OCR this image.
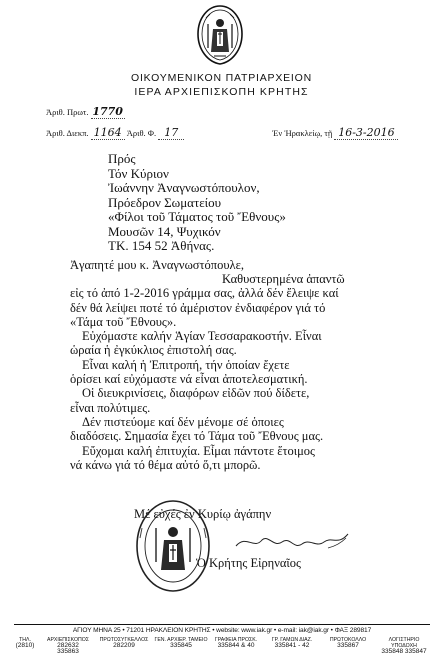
ΟΙΚΟΥΜΕΝΙΚΟΝ ΠΑΤΡΙΑΡΧΕΙΟΝ
ΙΕΡΑ ΑΡΧΙΕΠΙΣΚΟΠΗ ΚΡΗΤΗΣ
Ἀριθ. Πρωτ. 1770
Ἀριθ. Διεκπ. 1164 Ἀριθ. Φ. 17	Ἐν Ἡρακλείῳ, τῇ 16-3-2016
Πρός
Τόν Κύριον
Ἰωάννην Ἀναγνωστόπουλον,
Πρόεδρον Σωματείου
«Φίλοι τοῦ Τάματος τοῦ Ἔθνους»
Μουσῶν 14, Ψυχικόν
ΤΚ. 154 52 Ἀθήνας.
Ἀγαπητέ μου κ. Ἀναγνωστόπουλε,
Καθυστερημένα ἀπαντῶ
εἰς τό ἀπό 1-2-2016 γράμμα σας, ἀλλά δέν ἔλειψε καί
δέν θά λείψει ποτέ τό ἀμέριστον ἐνδιαφέρον γιά τό
«Τάμα τοῦ Ἔθνους».
Εὐχόμαστε καλήν Ἁγίαν Τεσσαρακοστήν. Εἶναι
ὡραία ἡ ἐγκύκλιος ἐπιστολή σας.
Εἶναι καλή ἡ Ἐπιτροπή, τήν ὁποίαν ἔχετε
ὁρίσει καί εὐχόμαστε νά εἶναι ἀποτελεσματική.
Οἱ διευκρινίσεις, διαφόρων εἰδῶν πού δίδετε,
εἶναι πολύτιμες.
Δέν πιστεύομε καί δέν μένομε σέ ὁποιες
διαδόσεις. Σημασία ἔχει τό Τάμα τοῦ Ἔθνους μας.
Εὔχομαι καλή ἐπιτυχία. Εἶμαι πάντοτε ἕτοιμος
νά κάνω γιά τό θέμα αὐτό ὅ,τι μπορῶ.
Μέ εὐχές ἐν Κυρίῳ ἀγάπην
Ὁ Κρήτης Εἰρηναῖος
ΑΓΙΟΥ ΜΗΝΑ 25 • 71201 ΗΡΑΚΛΕΙΟΝ ΚΡΗΤΗΣ • website: www.iak.gr • e-mail: iak@iak.gr • ΦΑΞ 289817
ΤΗΛ.
(2810)
ΑΡΧΙΕΠΙΣΚΟΠΟΣ
282632
335863
ΠΡΩΤΟΣΥΓΚΕΛΛΟΣ
282209
ΓΕΝ. ΑΡΧΙΕΡ. ΤΑΜΕΙΟ
335845
ΓΡΑΦΕΙΑ ΠΡΟΣΚ.
335844 & 40
ΓΡ. ΓΑΜΩΝ ΔΙΑΖ.
335841 - 42
ΠΡΩΤΟΚΟΛΛΟ
335867
ΛΟΓΙΣΤΗΡΙΟ ΥΠΟΔΟΧΗ
335848 335847
